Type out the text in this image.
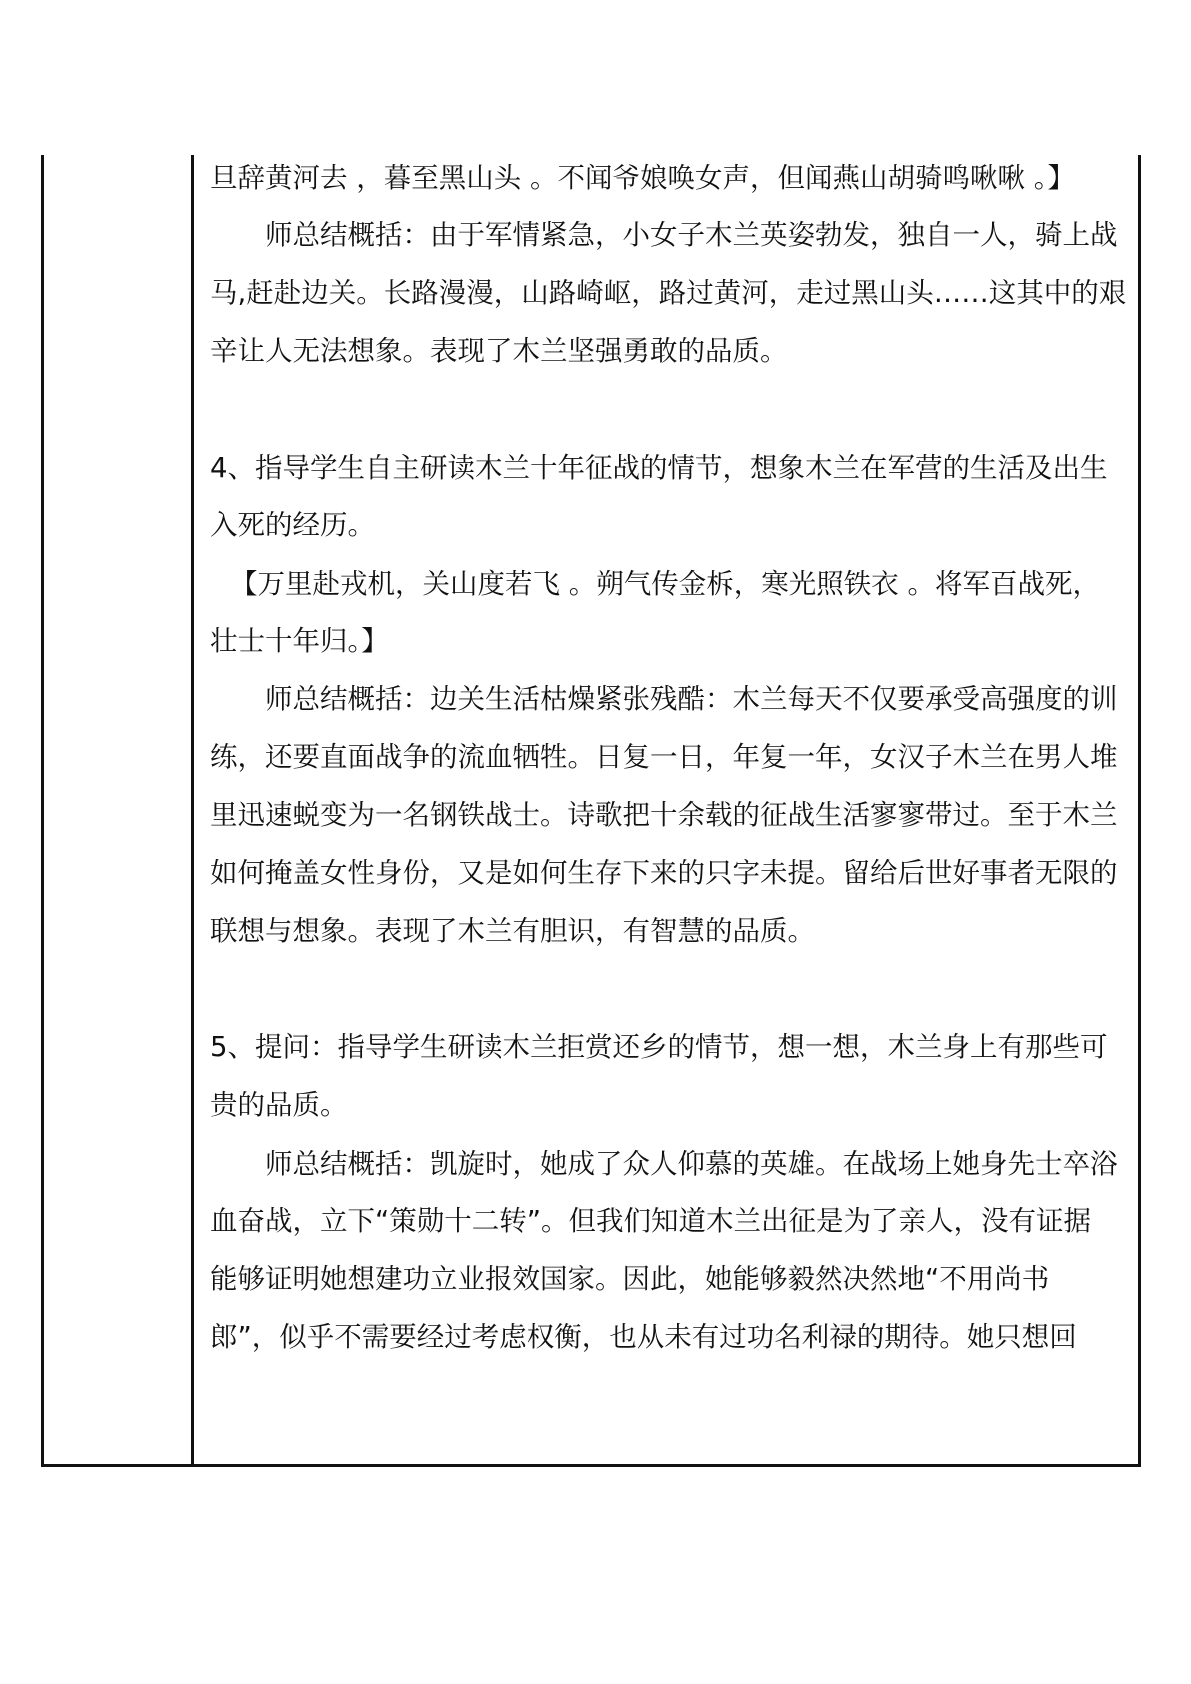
旦辞黄河去 ，暮至黑山头 。不闻爷娘唤女声，但闻燕山胡骑鸣啾啾 。】
师总结概括：由于军情紧急，小女子木兰英姿勃发，独自一人，骑上战
马,赶赴边关。长路漫漫，山路崎岖，路过黄河，走过黑山头……这其中的艰
辛让人无法想象。表现了木兰坚强勇敢的品质。
4、指导学生自主研读木兰十年征战的情节，想象木兰在军营的生活及出生
入死的经历。
【万里赴戎机，关山度若飞 。朔气传金柝，寒光照铁衣 。将军百战死，
壮士十年归。】
师总结概括：边关生活枯燥紧张残酷：木兰每天不仅要承受高强度的训
练，还要直面战争的流血牺牲。日复一日，年复一年，女汉子木兰在男人堆
里迅速蜕变为一名钢铁战士。诗歌把十余载的征战生活寥寥带过。至于木兰
如何掩盖女性身份，又是如何生存下来的只字未提。留给后世好事者无限的
联想与想象。表现了木兰有胆识，有智慧的品质。
5、提问：指导学生研读木兰拒赏还乡的情节，想一想，木兰身上有那些可
贵的品质。
师总结概括：凯旋时，她成了众人仰慕的英雄。在战场上她身先士卒浴
血奋战，立下“策勋十二转”。但我们知道木兰出征是为了亲人，没有证据
能够证明她想建功立业报效国家。因此，她能够毅然决然地“不用尚书
郎”，似乎不需要经过考虑权衡，也从未有过功名利禄的期待。她只想回
